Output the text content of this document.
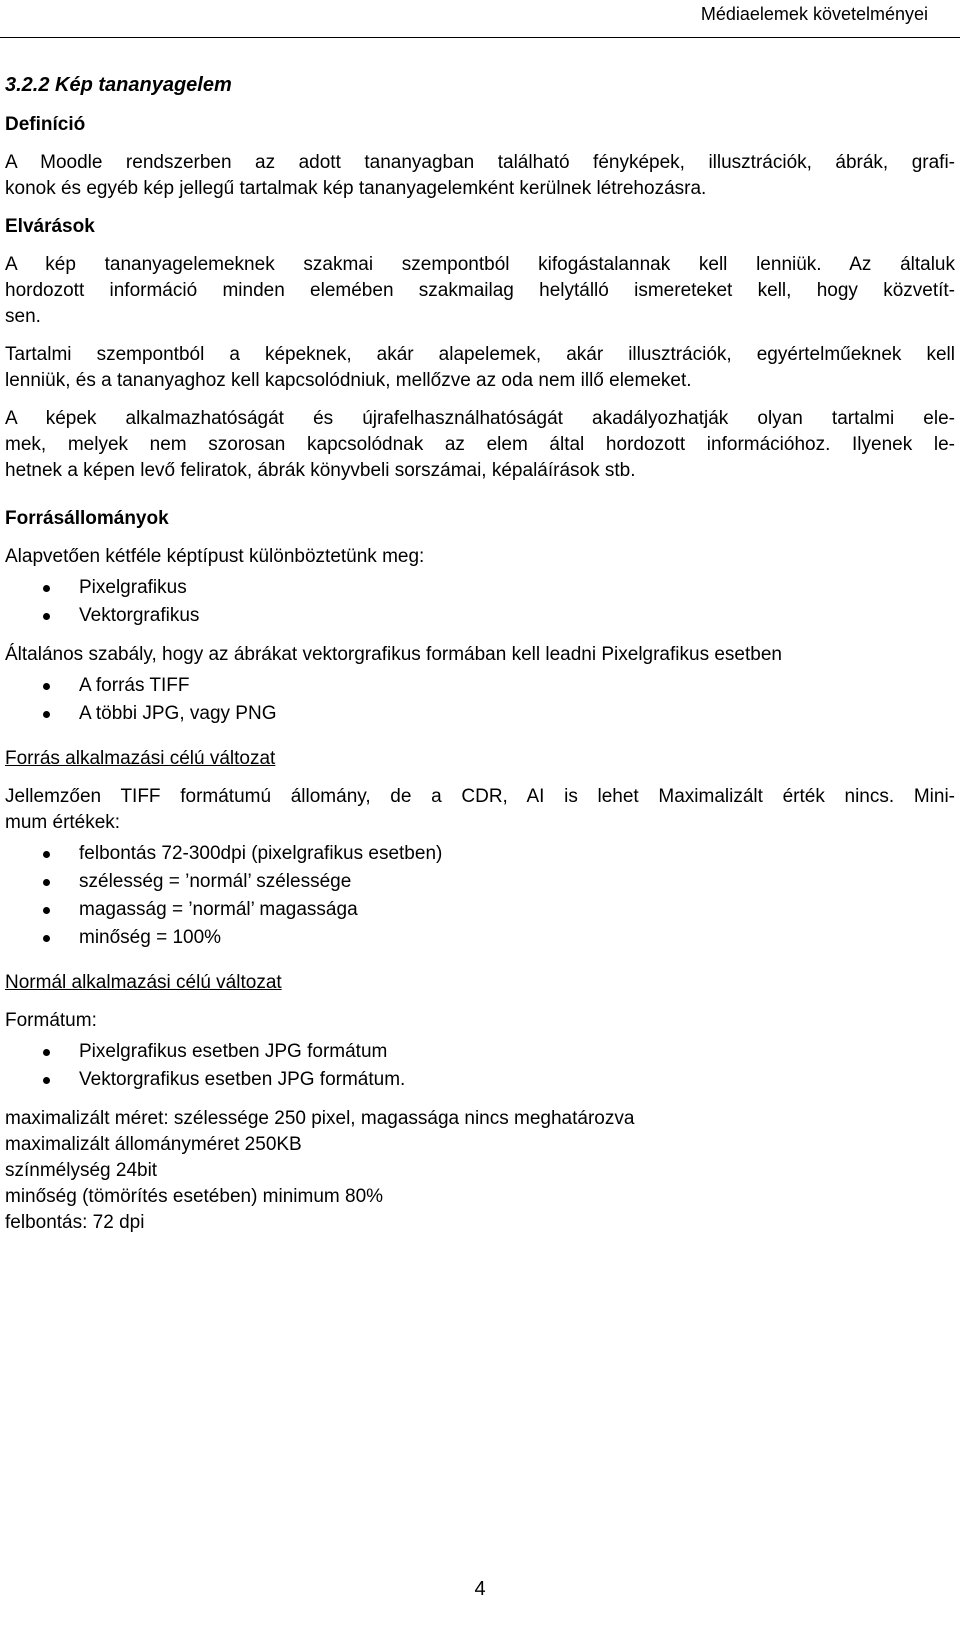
Médiaelemek követelményei
3.2.2 Kép tananyagelem
Definíció

A Moodle rendszerben az adott tananyagban található fényképek, illusztrációk, ábrák, grafi-
konok és egyéb kép jellegű tartalmak kép tananyagelemként kerülnek létrehozásra.

Elvárások

A kép tananyagelemeknek szakmai szempontból kifogástalannak kell lenniük. Az általuk
hordozott információ minden elemében szakmailag helytálló ismereteket kell, hogy közvetít-
sen.

Tartalmi szempontból a képeknek, akár alapelemek, akár illusztrációk, egyértelműeknek kell
lenniük, és a tananyaghoz kell kapcsolódniuk, mellőzve az oda nem illő elemeket.

A képek alkalmazhatóságát és újrafelhasználhatóságát akadályozhatják olyan tartalmi ele-
mek, melyek nem szorosan kapcsolódnak az elem által hordozott információhoz. Ilyenek le-
hetnek a képen levő feliratok, ábrák könyvbeli sorszámai, képaláírások stb.

Forrásállományok

Alapvetően kétféle képtípust különböztetünk meg:

Pixelgrafikus
Vektorgrafikus

Általános szabály, hogy az ábrákat vektorgrafikus formában kell leadni Pixelgrafikus esetben

A forrás TIFF
A többi JPG, vagy PNG
Forrás alkalmazási célú változat

Jellemzően TIFF formátumú állomány, de a CDR, AI is lehet Maximalizált érték nincs. Mini-
mum értékek:

felbontás 72-300dpi (pixelgrafikus esetben)
szélesség = ’normál’ szélessége
magasság = ’normál’ magassága
minőség = 100%
Normál alkalmazási célú változat

Formátum:

Pixelgrafikus esetben JPG formátum
Vektorgrafikus esetben JPG formátum.
maximalizált méret: szélessége 250 pixel, magassága nincs meghatározva
maximalizált állományméret 250KB
színmélység 24bit
minőség (tömörítés esetében) minimum 80%
felbontás: 72 dpi
4
